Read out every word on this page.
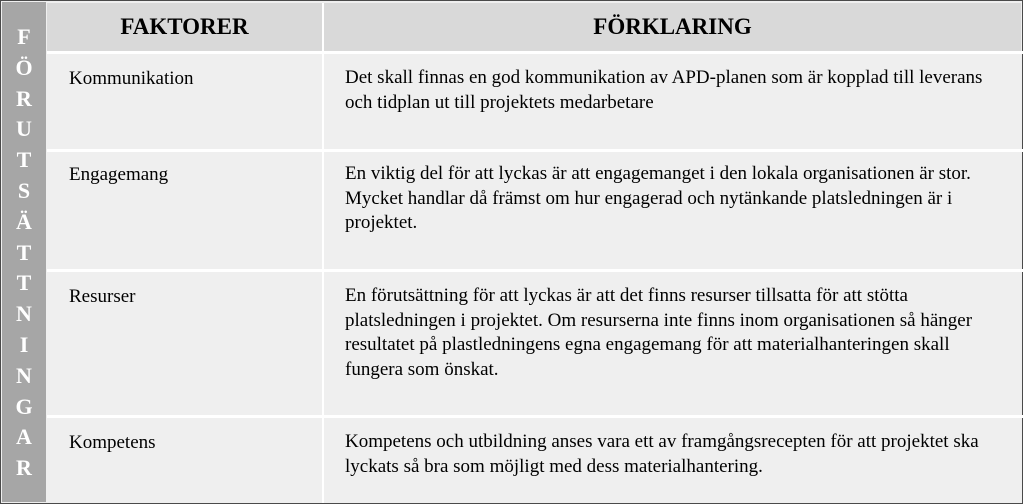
F
Ö
R
U
T
S
Ä
T
T
N
I
N
G
A
R
FAKTORER	FÖRKLARING
Kommunikation	Det skall finnas en god kommunikation av APD-planen som är kopplad till leverans och tidplan ut till projektets medarbetare
Engagemang	En viktig del för att lyckas är att engagemanget i den lokala organisationen är stor. Mycket handlar då främst om hur engagerad och nytänkande platsledningen är i projektet.
Resurser	En förutsättning för att lyckas är att det finns resurser tillsatta för att stötta platsledningen i projektet. Om resurserna inte finns inom organisationen så hänger resultatet på plastledningens egna engagemang för att materialhanteringen skall fungera som önskat.
Kompetens	Kompetens och utbildning anses vara ett av framgångsrecepten för att projektet ska lyckats så bra som möjligt med dess materialhantering.
